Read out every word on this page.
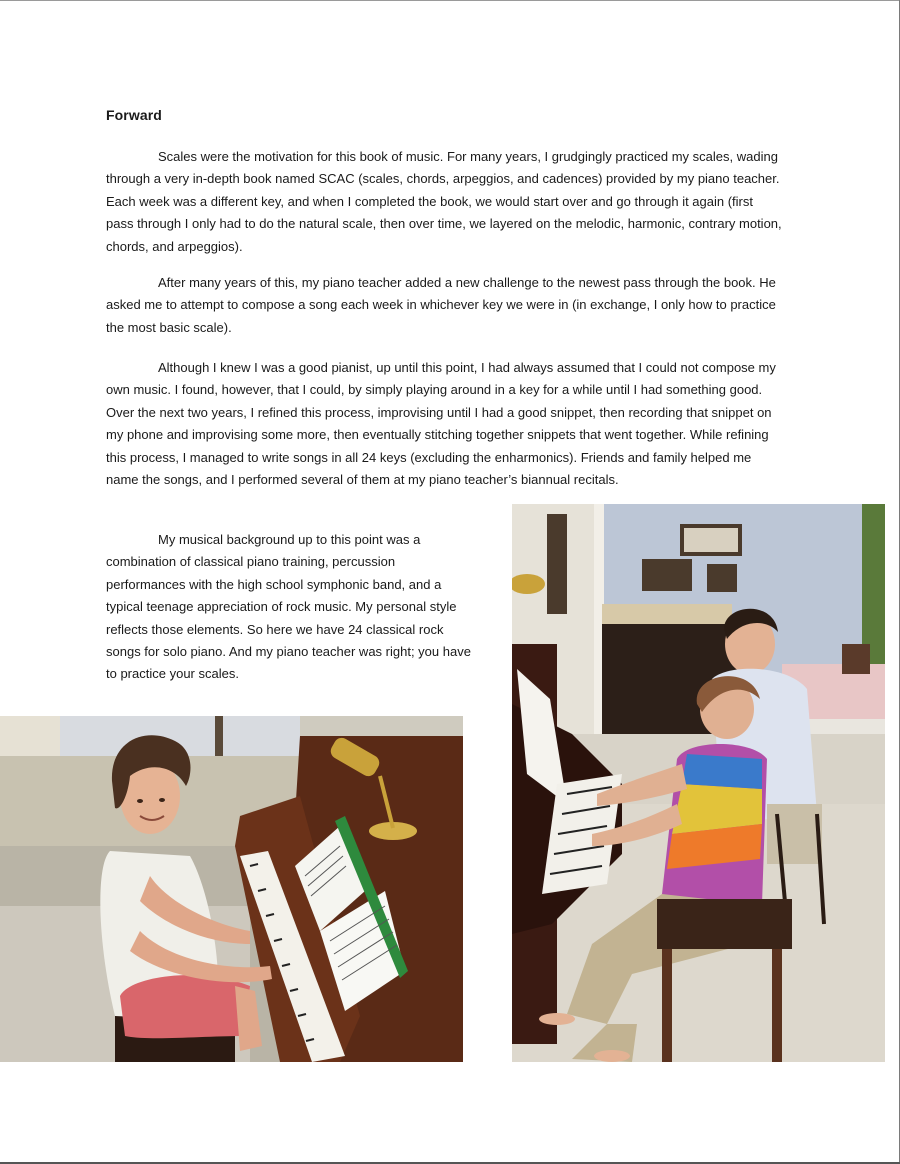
Forward

Scales were the motivation for this book of music. For many years, I grudgingly practiced my scales, wading through a very in-depth book named SCAC (scales, chords, arpeggios, and cadences) provided by my piano teacher. Each week was a different key, and when I completed the book, we would start over and go through it again (first pass through I only had to do the natural scale, then over time, we layered on the melodic, harmonic, contrary motion, chords, and arpeggios).

After many years of this, my piano teacher added a new challenge to the newest pass through the book. He asked me to attempt to compose a song each week in whichever key we were in (in exchange, I only how to practice the most basic scale).

Although I knew I was a good pianist, up until this point, I had always assumed that I could not compose my own music. I found, however, that I could, by simply playing around in a key for a while until I had something good. Over the next two years, I refined this process, improvising until I had a good snippet, then recording that snippet on my phone and improvising some more, then eventually stitching together snippets that went together. While refining this process, I managed to write songs in all 24 keys (excluding the enharmonics). Friends and family helped me name the songs, and I performed several of them at my piano teacher’s biannual recitals.

My musical background up to this point was a combination of classical piano training, percussion performances with the high school symphonic band, and a typical teenage appreciation of rock music. My personal style reflects those elements. So here we have 24 classical rock songs for solo piano. And my piano teacher was right; you have to practice your scales.
